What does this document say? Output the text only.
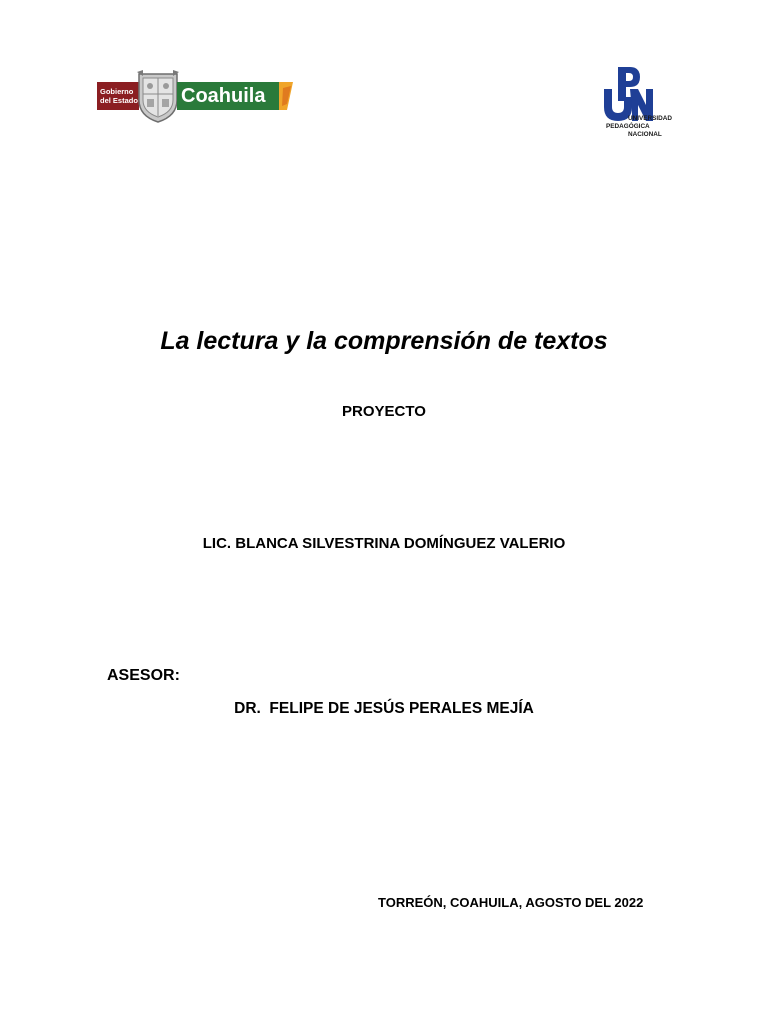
Gobierno
del Estado Coahuila
UNIVERSIDAD
PEDAGÓGICA
NACIONAL
La lectura y la comprensión de textos
PROYECTO
LIC. BLANCA SILVESTRINA DOMÍNGUEZ VALERIO
ASESOR:
DR.  FELIPE DE JESÚS PERALES MEJÍA
TORREÓN, COAHUILA, AGOSTO DEL 2022
